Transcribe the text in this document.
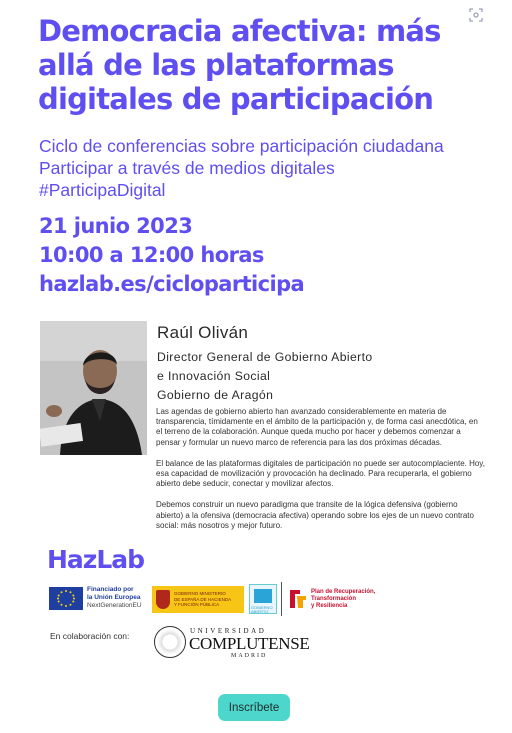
Democracia afectiva: más
allá de las plataformas
digitales de participación
Ciclo de conferencias sobre participación ciudadana
Participar a través de medios digitales
#ParticipaDigital
21 junio 2023
10:00 a 12:00 horas
hazlab.es/cicloparticipa
Raúl Oliván
Director General de Gobierno Abierto
e Innovación Social
Gobierno de Aragón

Las agendas de gobierno abierto han avanzado considerablemente en materia de transparencia, tímidamente en el ámbito de la participación y, de forma casi anecdótica, en el terreno de la colaboración. Aunque queda mucho por hacer y debemos comenzar a pensar y formular un nuevo marco de referencia para las dos próximas décadas.

El balance de las plataformas digitales de participación no puede ser autocomplaciente. Hoy, esa capacidad de movilización y provocación ha declinado. Para recuperarla, el gobierno abierto debe seducir, conectar y movilizar afectos.

Debemos construir un nuevo paradigma que transite de la lógica defensiva (gobierno abierto) a la ofensiva (democracia afectiva) operando sobre los ejes de un nuevo contrato social: más nosotros y mejor futuro.

HazLab
Financiado por
la Unión Europea
NextGenerationEU
GOBIERNO MINISTERIO
DE ESPAÑA DE HACIENDA
Y FUNCIÓN PÚBLICA
GOBIERNO
ABIERTO
Plan de Recuperación,
Transformación
y Resiliencia
En colaboración con:	UNIVERSIDAD
COMPLUTENSE
MADRID
Inscríbete
